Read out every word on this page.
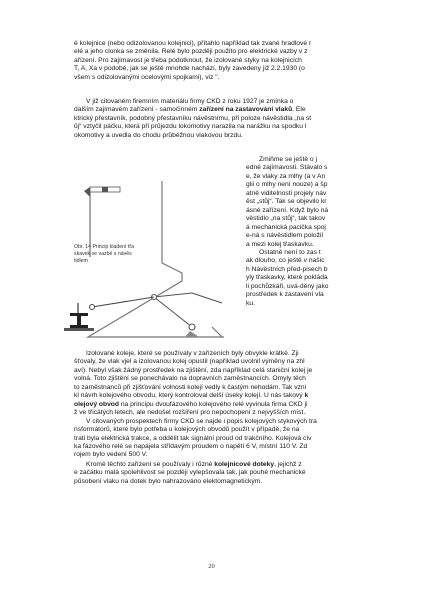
é kolejnice (nebo odizolovanou kolejnici), přítahlo například tak zvané hradlové r
elé a jeho clonka se změnila. Relé bylo později použito pro elektrické vazby v z
ařízení. Pro zajímavost je třeba podotknout, že izolované styky na kolejnicích
T, A, Xa v podobě, jak se ještě mnohde nachází, byly zavedeny již 2.2.1930 (o
všem s odizolovanými ocelovými spojkami), viz ".
V již citovaném firemním materiálu firmy ČKD z roku 1927 je zmínka o
dalším zajímavém zařízení - samočinném zařízení na zastavování vlaků. Ele
ktrický přestavník, podobný přestavníku návěstnímu, při poloze návěstidla „na st
ůj“ vztyčil páčku, která při průjezdu lokomotivy narazila na narážku na spodku l
okomotivy a uvedla do chodu průběžnou vlakovou brzdu.
Zmiňme se ještě o j
edné zajímavosti. Stávalo s
e, že vlaky za mlhy (a v An
glii o mlhy není nouze) a šp
atně viditelnosti projely náv
ěst „stůj“. Tak se objevilo kr
ásné zařízení. Když bylo ná
věstidlo „na stůj“, tak takov
á mechanická pacička spoj
e-ná s návěstidlem položil
a mezi kolej třaskavku.
Ostatně není to zas t
ak dlouho, co ještě v našic
h Návěstních před-pisech b
yly třaskavky, které pokláda
li pochůzkáři, uvá-děny jako
prostředek k zastavení vla
ku.
Obr. 14 Princip kladení třa
skavek ve vazbě s návěs
tidlem
Izolované koleje, které se používaly v zařízeních byly obvykle krátké. Zji
šťovaly, že vlak vjel a izolovanou kolej opustil (například uvolnil výměny na zhl
aví). Nebyl však žádný prostředek na zjištění, zda například celá staniční kolej je
volná. Toto zjištění se ponechávalo na dopravních zaměstnancích. Omyly těch
to zaměstnanců při zjišťování volnosti kolejí vedly k častým nehodám. Tak vzni
kl návrh kolejového obvodu, který kontroloval delší úseky kolejí. U nás takový k
olejový obvod na principu dvoufázového kolejového relé vyvinula firma ČKD ji
ž ve třicátých letech, ale nedošel rozšíření pro nepochopení z nejvyšších míst.
V citovaných prospektech firmy ČKD se najde i popis kolejových stykových tra
nsformátorů, které bylo potřeba u kolejových obvodů použít v případě, že na
trati byla elektrická trakce, a oddělit tak signální proud od trakčního. Kolejová cív
ka fázového relé se napájela střídavým proudem o napětí 6 V, místní 110 V. Zd
rojem bylo vedení 500 V.
Kromě těchto zařízení se používaly i různé kolejnicové doteky, jejichž z
e začátku malá spolehlivost se později vylepšovala tak, jak pouhé mechanické
působení vlaku na dotek bylo nahrazováno elektomagnetickým.
20
